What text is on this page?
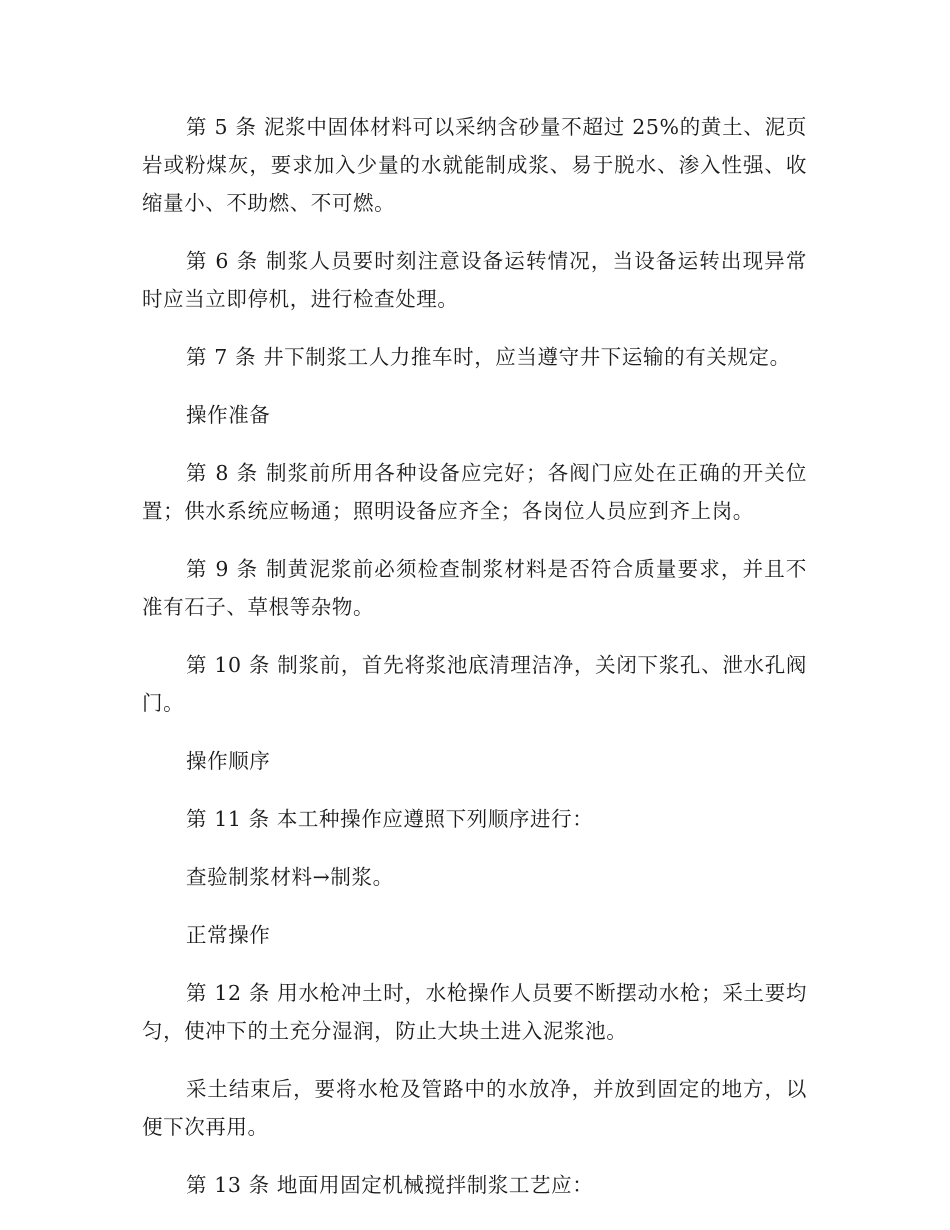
第 5 条 泥浆中固体材料可以采纳含砂量不超过 25%的黄土、泥页岩或粉煤灰，要求加入少量的水就能制成浆、易于脱水、渗入性强、收缩量小、不助燃、不可燃。

第 6 条 制浆人员要时刻注意设备运转情况，当设备运转出现异常时应当立即停机，进行检查处理。

第 7 条 井下制浆工人力推车时，应当遵守井下运输的有关规定。

操作准备

第 8 条 制浆前所用各种设备应完好；各阀门应处在正确的开关位置；供水系统应畅通；照明设备应齐全；各岗位人员应到齐上岗。

第 9 条 制黄泥浆前必须检查制浆材料是否符合质量要求，并且不准有石子、草根等杂物。

第 10 条 制浆前，首先将浆池底清理洁净，关闭下浆孔、泄水孔阀门。

操作顺序

第 11 条 本工种操作应遵照下列顺序进行：

查验制浆材料→制浆。

正常操作

第 12 条 用水枪冲土时，水枪操作人员要不断摆动水枪；采土要均匀，使冲下的土充分湿润，防止大块土进入泥浆池。

采土结束后，要将水枪及管路中的水放净，并放到固定的地方，以便下次再用。

第 13 条 地面用固定机械搅拌制浆工艺应：
